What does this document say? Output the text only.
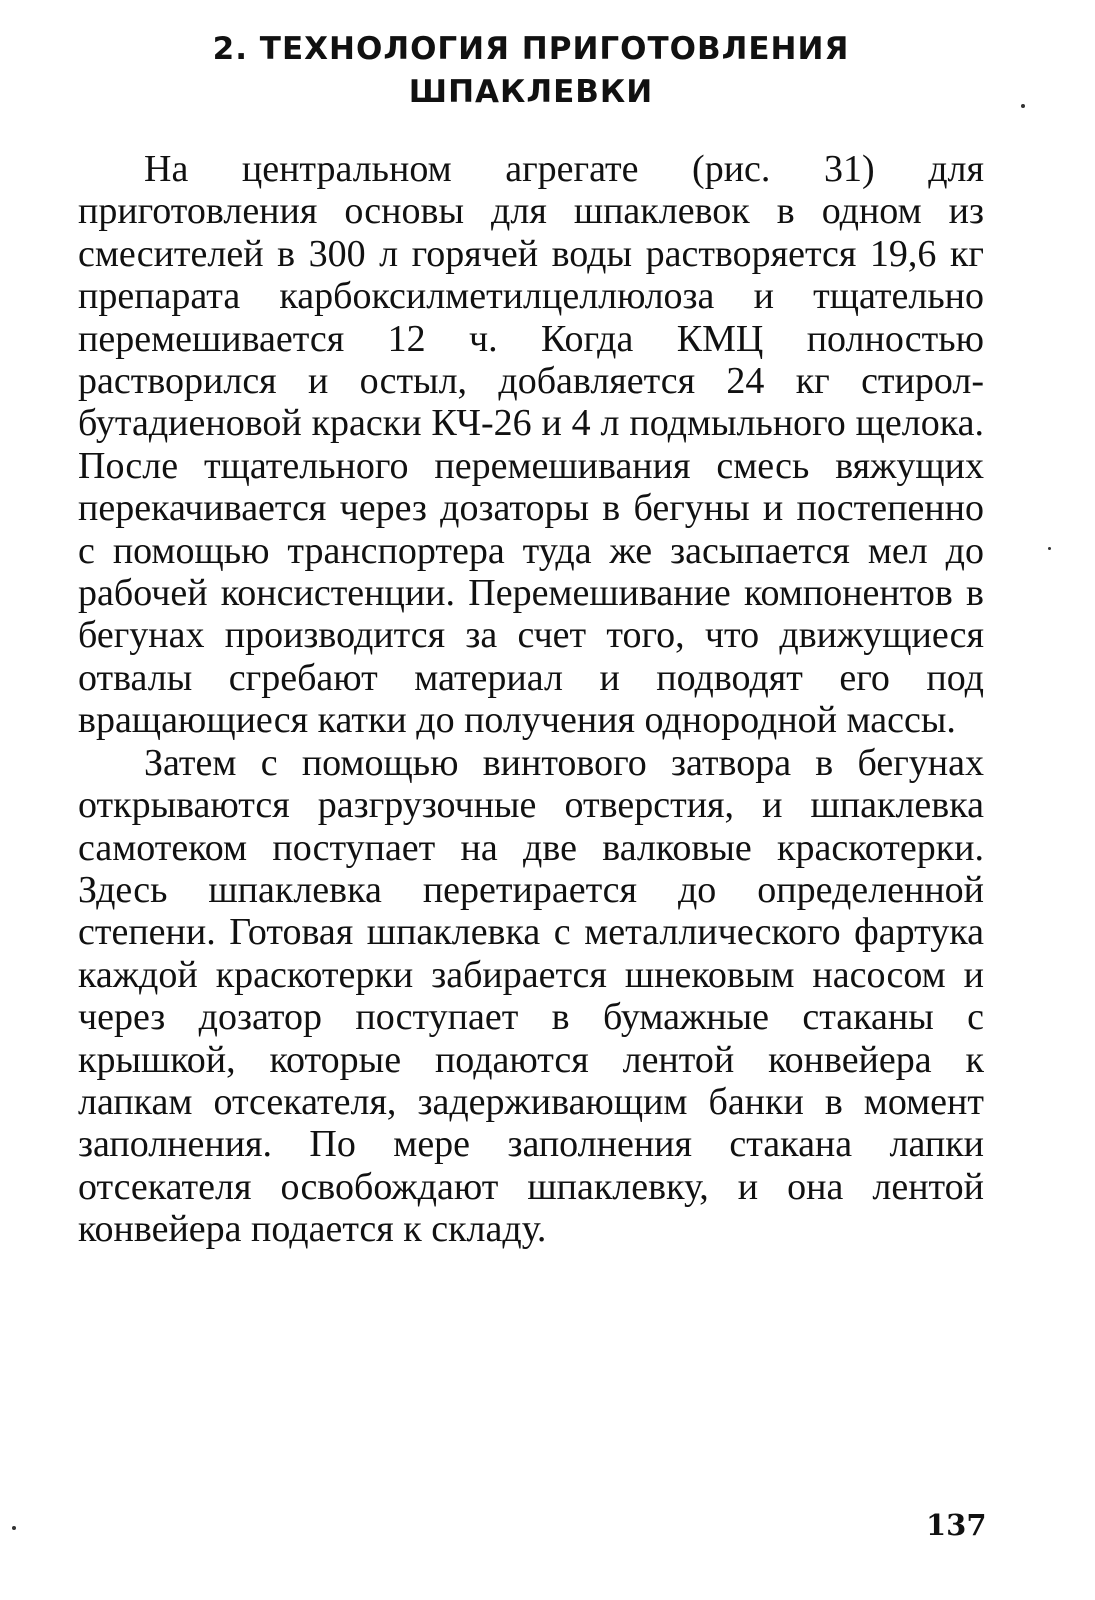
2. ТЕХНОЛОГИЯ ПРИГОТОВЛЕНИЯ
ШПАКЛЕВКИ

На центральном агрегате (рис. 31) для приготовления основы для шпаклевок в одном из смесителей в 300 л горячей воды растворяется 19,6 кг препарата карбоксилметилцеллюлоза и тщательно перемешивается 12 ч. Когда КМЦ полностью растворился и остыл, добавляется 24 кг стирол-бутадиеновой краски КЧ-26 и 4 л подмыльного щелока. После тщательного перемешивания смесь вяжущих перекачивается через дозаторы в бегуны и постепенно с помощью транспортера туда же засыпается мел до рабочей консистенции. Перемешивание компонентов в бегунах производится за счет того, что движущиеся отвалы сгребают материал и подводят его под вращающиеся катки до получения однородной массы.

Затем с помощью винтового затвора в бегунах открываются разгрузочные отверстия, и шпаклевка самотеком поступает на две валковые краскотерки. Здесь шпаклевка перетирается до определенной степени. Готовая шпаклевка с металлического фартука каждой краскотерки забирается шнековым насосом и через дозатор поступает в бумажные стаканы с крышкой, которые подаются лентой конвейера к лапкам отсекателя, задерживающим банки в момент заполнения. По мере заполнения стакана лапки отсекателя освобождают шпаклевку, и она лентой конвейера подается к складу.

137
